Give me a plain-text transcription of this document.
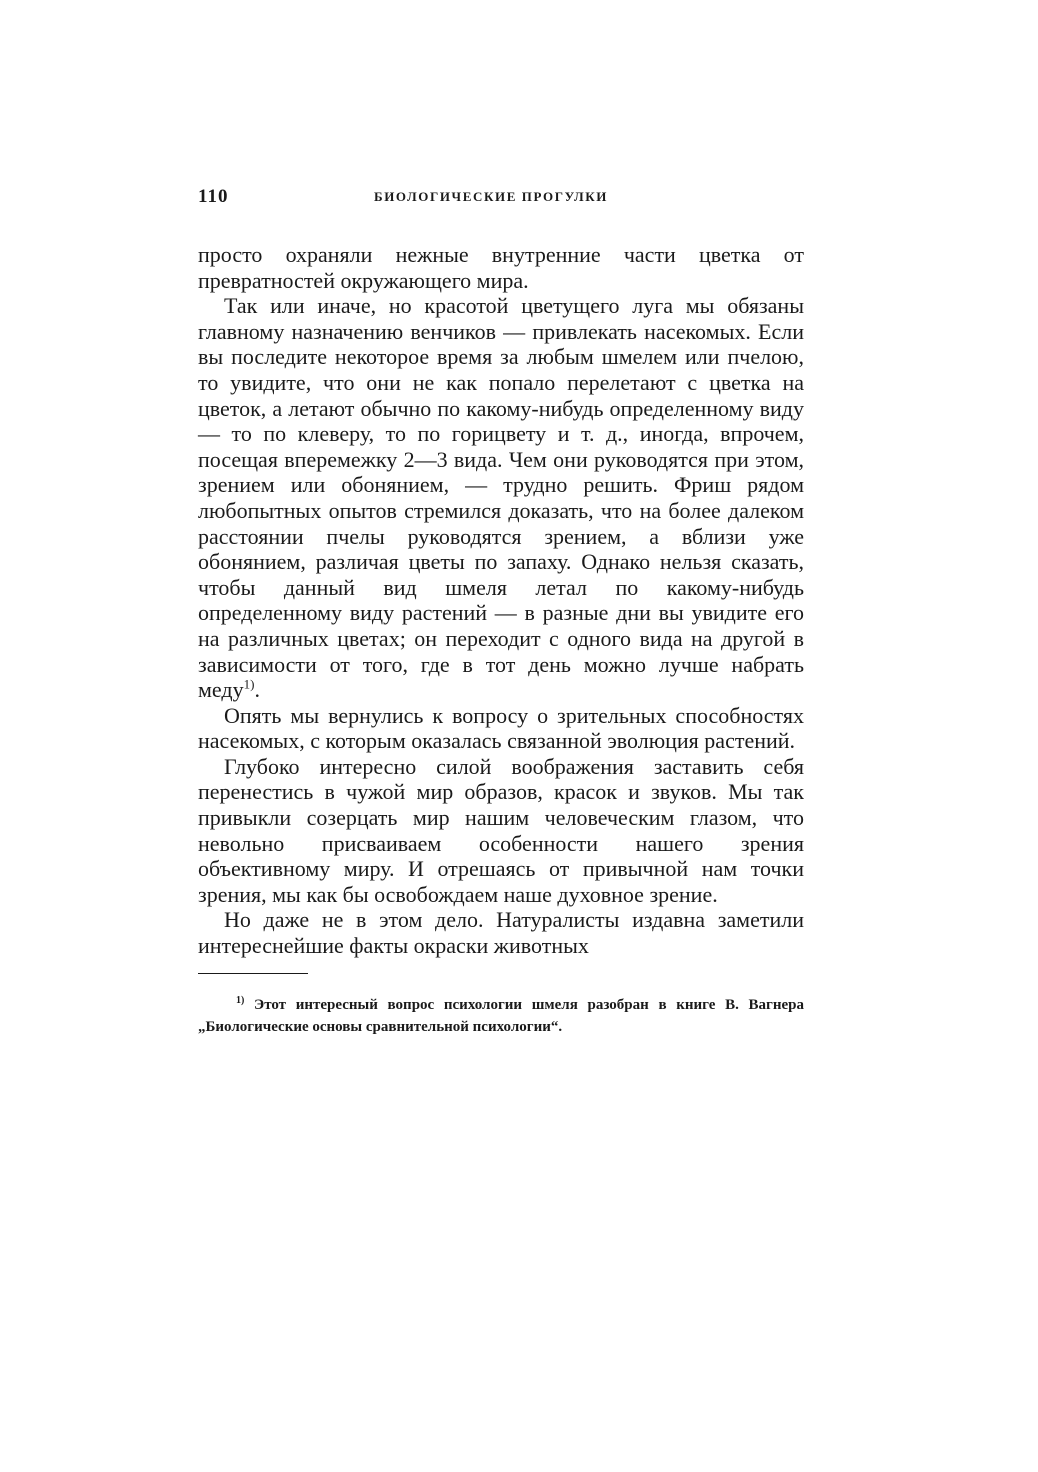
110	БИОЛОГИЧЕСКИЕ ПРОГУЛКИ

просто охраняли нежные внутренние части цветка от превратностей окружающего мира.

Так или иначе, но красотой цветущего луга мы обязаны главному назначению венчиков — привлекать насекомых. Если вы последите некоторое время за любым шмелем или пчелою, то увидите, что они не как попало перелетают с цветка на цветок, а летают обычно по какому-нибудь определенному виду — то по клеверу, то по горицвету и т. д., иногда, впрочем, посещая вперемежку 2—3 вида. Чем они руководятся при этом, зрением или обонянием, — трудно решить. Фриш рядом любопытных опытов стремился доказать, что на более далеком расстоянии пчелы руководятся зрением, а вблизи уже обонянием, различая цветы по запаху. Однако нельзя сказать, чтобы данный вид шмеля летал по какому-нибудь определенному виду растений — в разные дни вы увидите его на различных цветах; он переходит с одного вида на другой в зависимости от того, где в тот день можно лучше набрать меду$^{1)}$.

Опять мы вернулись к вопросу о зрительных способностях насекомых, с которым оказалась связанной эволюция растений.

Глубоко интересно силой воображения заставить себя перенестись в чужой мир образов, красок и звуков. Мы так привыкли созерцать мир нашим человеческим глазом, что невольно присваиваем особенности нашего зрения объективному миру. И отрешаясь от привычной нам точки зрения, мы как бы освобождаем наше духовное зрение.

Но даже не в этом дело. Натуралисты издавна заметили интереснейшие факты окраски животных

$^{1)}$ Этот интересный вопрос психологии шмеля разобран в книге В. Вагнера „Биологические основы сравнительной психологии“.
